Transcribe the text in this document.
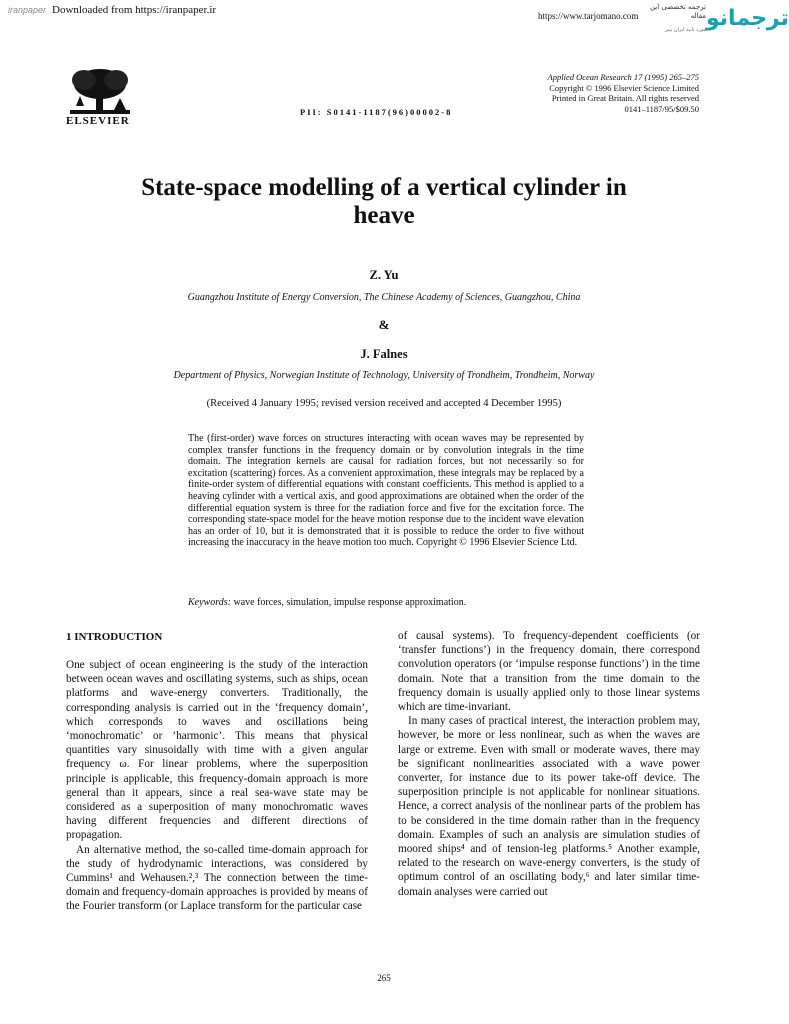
iranpaper Downloaded from https://iranpaper.ir	https://www.tarjomano.com
ترجمه تخصصی این مقاله
مورد تایید ایران پیپر ترجمانو
ELSEVIER
PII: S0141-1187(96)00002-8
Applied Ocean Research 17 (1995) 265–275
Copyright © 1996 Elsevier Science Limited
Printed in Great Britain. All rights reserved
0141–1187/95/$09.50
State-space modelling of a vertical cylinder in
heave
Z. Yu
Guangzhou Institute of Energy Conversion, The Chinese Academy of Sciences, Guangzhou, China
&
J. Falnes
Department of Physics, Norwegian Institute of Technology, University of Trondheim, Trondheim, Norway
(Received 4 January 1995; revised version received and accepted 4 December 1995)
The (first-order) wave forces on structures interacting with ocean waves may be represented by complex transfer functions in the frequency domain or by convolution integrals in the time domain. The integration kernels are causal for radiation forces, but not necessarily so for excitation (scattering) forces. As a convenient approximation, these integrals may be replaced by a finite-order system of differential equations with constant coefficients. This method is applied to a heaving cylinder with a vertical axis, and good approximations are obtained when the order of the differential equation system is three for the radiation force and five for the excitation force. The corresponding state-space model for the heave motion response due to the incident wave elevation has an order of 10, but it is demonstrated that it is possible to reduce the order to five without increasing the inaccuracy in the heave motion too much. Copyright © 1996 Elsevier Science Ltd.
Keywords: wave forces, simulation, impulse response approximation.
1 INTRODUCTION

One subject of ocean engineering is the study of the interaction between ocean waves and oscillating systems, such as ships, ocean platforms and wave-energy converters. Traditionally, the corresponding analysis is carried out in the ‘frequency domain’, which corresponds to waves and oscillations being ‘monochromatic’ or ‘harmonic’. This means that physical quantities vary sinusoidally with time with a given angular frequency ω. For linear problems, where the superposition principle is applicable, this frequency-domain approach is more general than it appears, since a real sea-wave state may be considered as a superposition of many monochromatic waves having different frequencies and different directions of propagation.

An alternative method, the so-called time-domain approach for the study of hydrodynamic interactions, was considered by Cummins¹ and Wehausen.²,³ The connection between the time-domain and frequency-domain approaches is provided by means of the Fourier transform (or Laplace transform for the particular case

of causal systems). To frequency-dependent coefficients (or ‘transfer functions’) in the frequency domain, there correspond convolution operators (or ‘impulse response functions’) in the time domain. Note that a transition from the time domain to the frequency domain is usually applied only to those linear systems which are time-invariant.

In many cases of practical interest, the interaction problem may, however, be more or less nonlinear, such as when the waves are large or extreme. Even with small or moderate waves, there may be significant nonlinearities associated with a wave power converter, for instance due to its power take-off device. The superposition principle is not applicable for nonlinear situations. Hence, a correct analysis of the nonlinear parts of the problem has to be considered in the time domain rather than in the frequency domain. Examples of such an analysis are simulation studies of moored ships⁴ and of tension-leg platforms.⁵ Another example, related to the research on wave-energy converters, is the study of optimum control of an oscillating body,⁶ and later similar time-domain analyses were carried out

265
